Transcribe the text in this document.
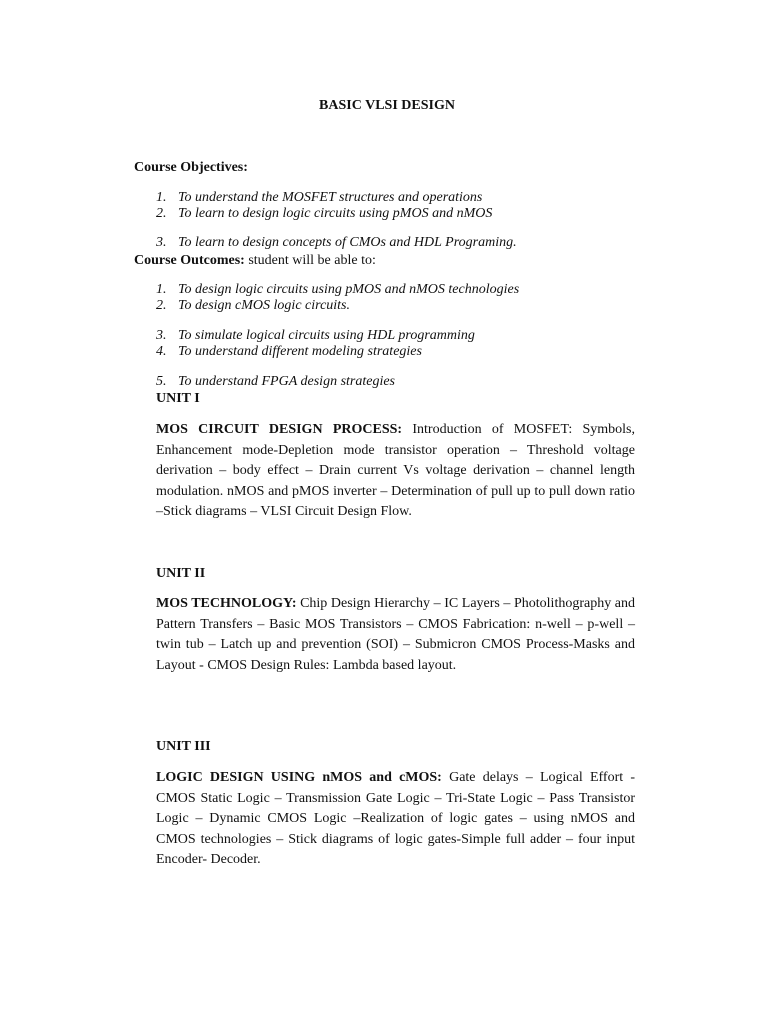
BASIC VLSI DESIGN
Course Objectives:
1. To understand the MOSFET structures and operations
2. To learn to design logic circuits using pMOS and nMOS
3. To learn to design concepts of CMOs and HDL Programing.
Course Outcomes: student will be able to:
1. To design logic circuits using pMOS and nMOS technologies
2. To design cMOS logic circuits.
3. To simulate logical circuits using HDL programming
4. To understand different modeling strategies
5. To understand FPGA design strategies
UNIT I
MOS CIRCUIT DESIGN PROCESS: Introduction of MOSFET: Symbols, Enhancement mode-Depletion mode transistor operation – Threshold voltage derivation – body effect – Drain current Vs voltage derivation – channel length modulation. nMOS and pMOS inverter – Determination of pull up to pull down ratio –Stick diagrams – VLSI Circuit Design Flow.
UNIT II
MOS TECHNOLOGY: Chip Design Hierarchy – IC Layers – Photolithography and Pattern Transfers – Basic MOS Transistors – CMOS Fabrication: n-well – p-well – twin tub – Latch up and prevention (SOI) – Submicron CMOS Process-Masks and Layout - CMOS Design Rules: Lambda based layout.
UNIT III
LOGIC DESIGN USING nMOS and cMOS: Gate delays – Logical Effort - CMOS Static Logic – Transmission Gate Logic – Tri-State Logic – Pass Transistor Logic – Dynamic CMOS Logic –Realization of logic gates – using nMOS and CMOS technologies – Stick diagrams of logic gates-Simple full adder – four input Encoder- Decoder.
